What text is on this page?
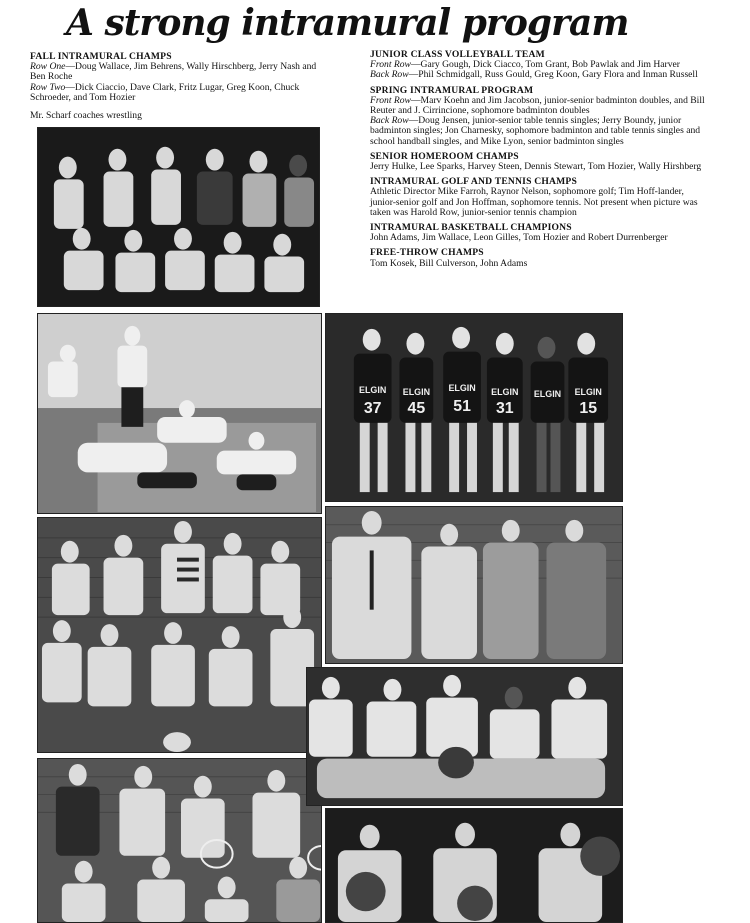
A strong intramural program
FALL INTRAMURAL CHAMPS
Row One—Doug Wallace, Jim Behrens, Wally Hirschberg, Jerry Nash and Ben Roche
Row Two—Dick Ciaccio, Dave Clark, Fritz Lugar, Greg Koon, Chuck Schroeder, and Tom Hozier
Mr. Scharf coaches wrestling
JUNIOR CLASS VOLLEYBALL TEAM
Front Row—Gary Gough, Dick Ciacco, Tom Grant, Bob Pawlak and Jim Harver
Back Row—Phil Schmidgall, Russ Gould, Greg Koon, Gary Flora and Inman Russell
SPRING INTRAMURAL PROGRAM
Front Row—Marv Koehn and Jim Jacobson, junior-senior badminton doubles, and Bill Reuter and J. Cirrincione, sophomore badminton doubles
Back Row—Doug Jensen, junior-senior table tennis singles; Jerry Boundy, junior badminton singles; Jon Charnesky, sophomore badminton and table tennis singles and school handball singles, and Mike Lyon, senior badminton singles
SENIOR HOMEROOM CHAMPS
Jerry Hulke, Lee Sparks, Harvey Steen, Dennis Stewart, Tom Hozier, Wally Hirshberg
INTRAMURAL GOLF AND TENNIS CHAMPS
Athletic Director Mike Farroh, Raynor Nelson, sophomore golf; Tim Hoff-lander, junior-senior golf and Jon Hoffman, sophomore tennis. Not present when picture was taken was Harold Row, junior-senior tennis champion
INTRAMURAL BASKETBALL CHAMPIONS
John Adams, Jim Wallace, Leon Gilles, Tom Hozier and Robert Durrenberger
FREE-THROW CHAMPS
Tom Kosek, Bill Culverson, John Adams
ELGIN
37
ELGIN
45
ELGIN
51
ELGIN
31
ELGIN ELGIN
15
